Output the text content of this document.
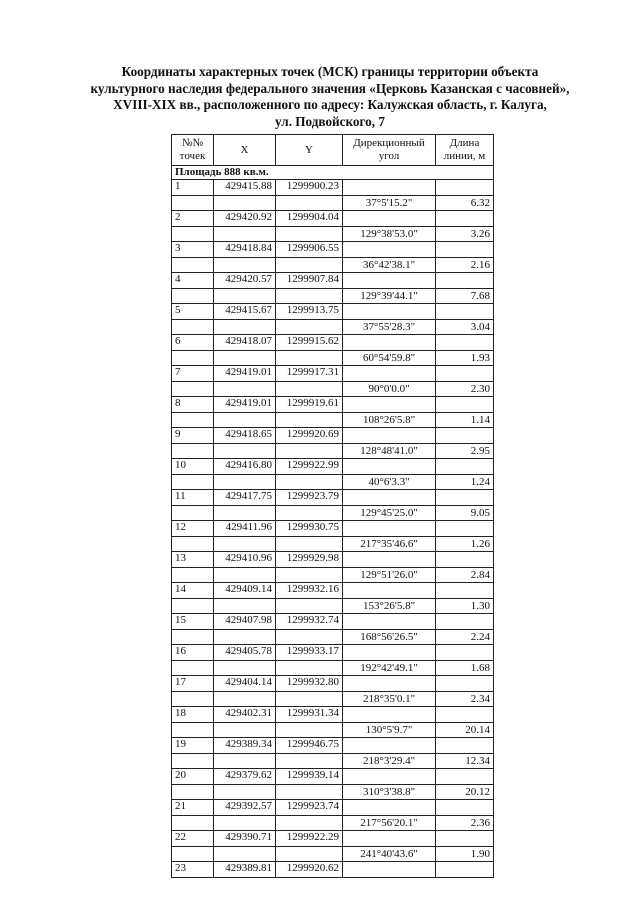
Координаты характерных точек (МСК) границы территории объекта
культурного наследия федерального значения «Церковь Казанская с часовней»,
XVIII-XIX вв., расположенного по адресу: Калужская область, г. Калуга,
ул. Подвойского, 7
№№
точек	X	Y	Дирекционный
угол	Длина
линии, м

Площадь 888 кв.м.				
1	429415.88	1299900.23		
			37°5'15.2"	6.32
2	429420.92	1299904.04		
			129°38'53.0"	3.26
3	429418.84	1299906.55		
			36°42'38.1"	2.16
4	429420.57	1299907.84		
			129°39'44.1"	7.68
5	429415.67	1299913.75		
			37°55'28.3"	3.04
6	429418.07	1299915.62		
			60°54'59.8"	1.93
7	429419.01	1299917.31		
			90°0'0.0"	2.30
8	429419.01	1299919.61		
			108°26'5.8"	1.14
9	429418.65	1299920.69		
			128°48'41.0"	2.95
10	429416.80	1299922.99		
			40°6'3.3"	1.24
11	429417.75	1299923.79		
			129°45'25.0"	9.05
12	429411.96	1299930.75		
			217°35'46.6"	1.26
13	429410.96	1299929.98		
			129°51'26.0"	2.84
14	429409.14	1299932.16		
			153°26'5.8"	1.30
15	429407.98	1299932.74		
			168°56'26.5"	2.24
16	429405.78	1299933.17		
			192°42'49.1"	1.68
17	429404.14	1299932.80		
			218°35'0.1"	2.34
18	429402.31	1299931.34		
			130°5'9.7"	20.14
19	429389.34	1299946.75		
			218°3'29.4"	12.34
20	429379.62	1299939.14		
			310°3'38.8"	20.12
21	429392.57	1299923.74		
			217°56'20.1"	2.36
22	429390.71	1299922.29		
			241°40'43.6"	1.90
23	429389.81	1299920.62		
